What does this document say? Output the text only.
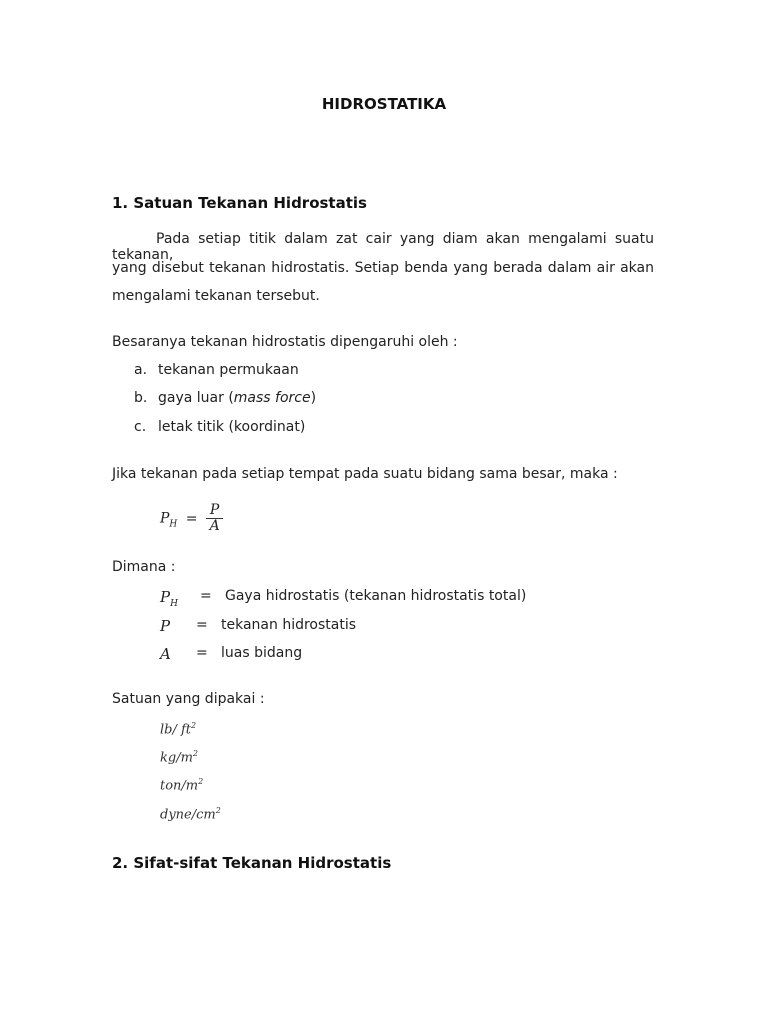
HIDROSTATIKA
1. Satuan Tekanan Hidrostatis
Pada setiap titik dalam zat cair yang diam akan mengalami suatu tekanan,
yang disebut tekanan hidrostatis. Setiap benda yang berada dalam air akan
mengalami tekanan tersebut.
Besaranya tekanan hidrostatis dipengaruhi oleh :
a. tekanan permukaan
b. gaya luar (mass force)
c. letak titik (koordinat)
Jika tekanan pada setiap tempat pada suatu bidang sama besar, maka :
$P_H = \frac{P}{A}$
Dimana :
$P_H$ = Gaya hidrostatis (tekanan hidrostatis total)
P = tekanan hidrostatis
A = luas bidang
Satuan yang dipakai :
lb/ $ft^2$
$kg/m^2$
ton/$m^2$
dyne/$cm^2$
2. Sifat-sifat Tekanan Hidrostatis
